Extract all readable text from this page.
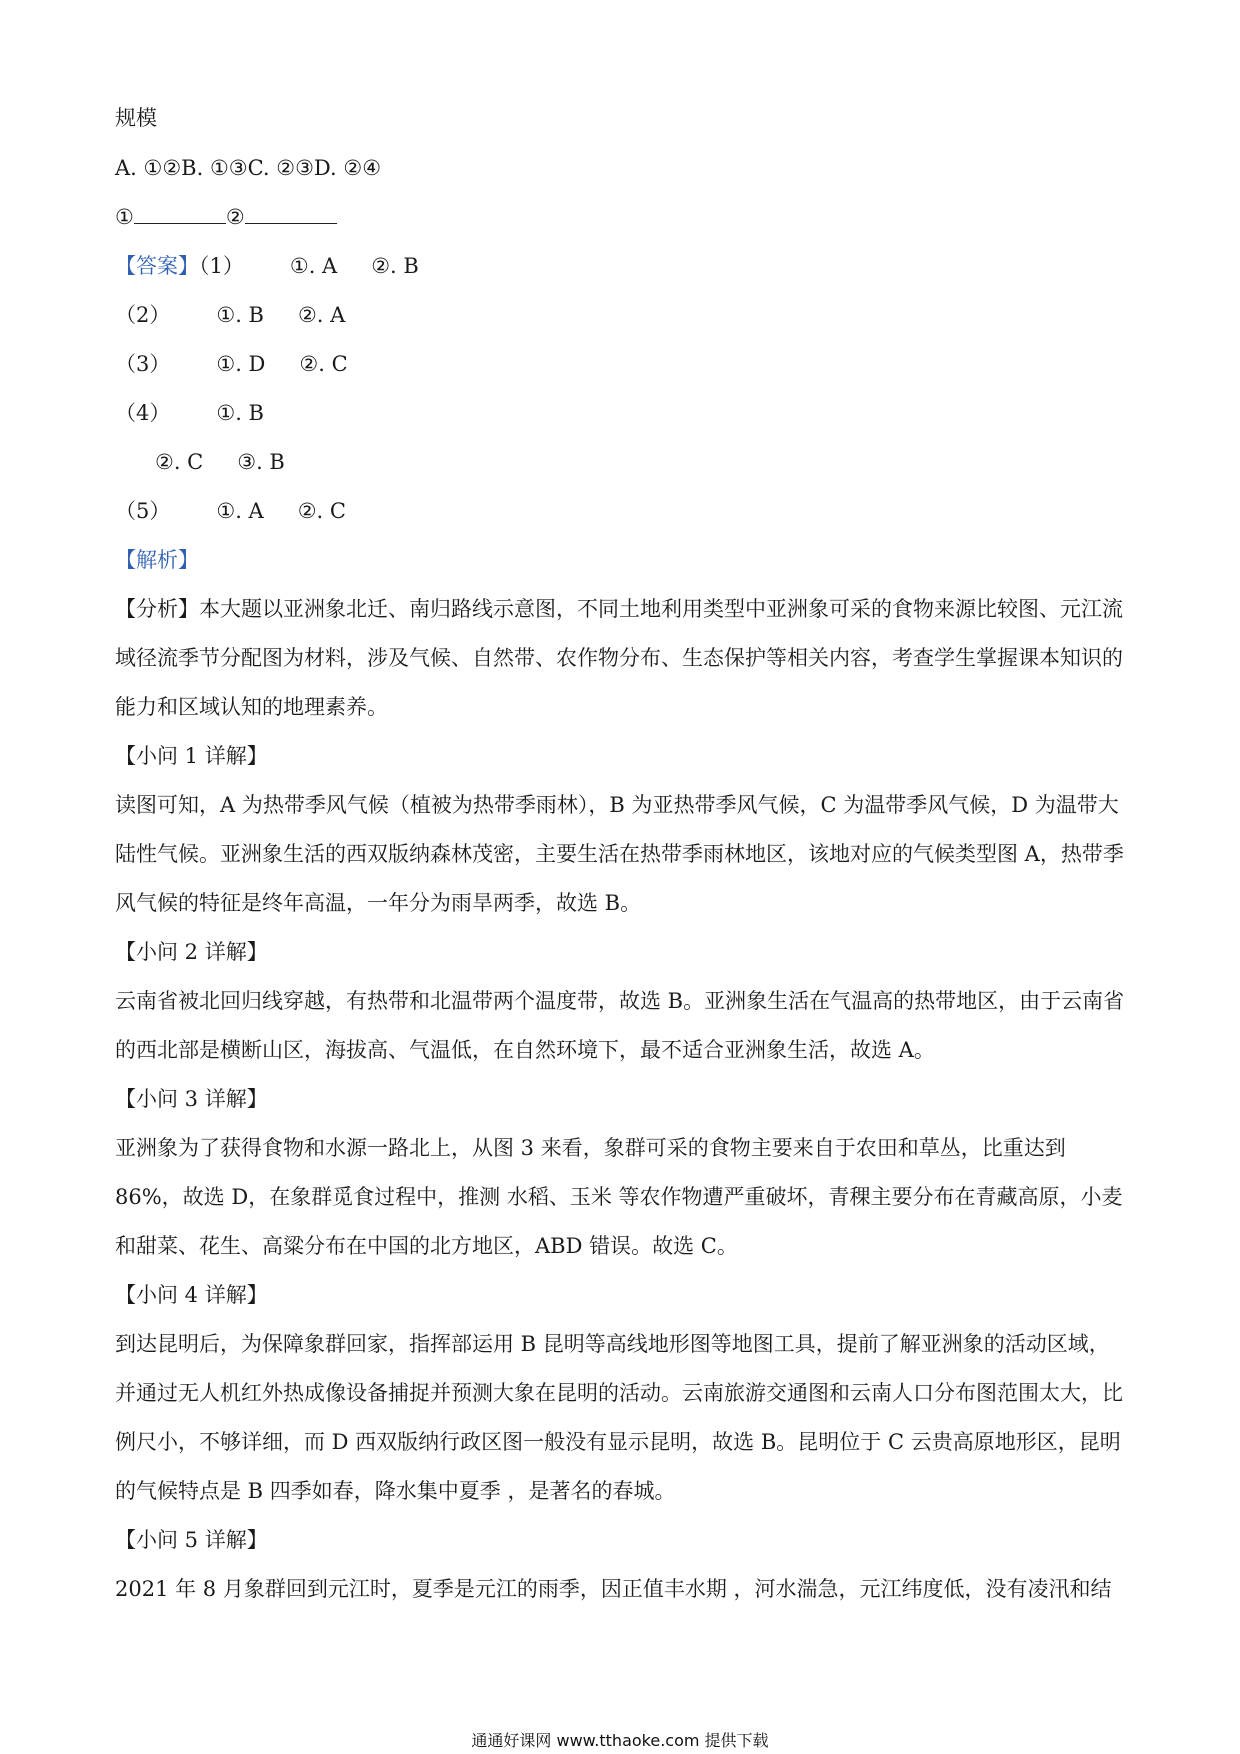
规模
A. ①②B. ①③C. ②③D. ②④
①	②
【答案】（1） ①. A ②. B
（2） ①. B ②. A
（3） ①. D ②. C
（4） ①. B
②. C ③. B
（5） ①. A ②. C
【解析】
【分析】本大题以亚洲象北迁、南归路线示意图，不同土地利用类型中亚洲象可采的食物来源比较图、元江流域径流季节分配图为材料，涉及气候、自然带、农作物分布、生态保护等相关内容，考查学生掌握课本知识的能力和区域认知的地理素养。
【小问 1 详解】
读图可知，A 为热带季风气候（植被为热带季雨林），B 为亚热带季风气候，C 为温带季风气候，D 为温带大陆性气候。亚洲象生活的西双版纳森林茂密，主要生活在热带季雨林地区，该地对应的气候类型图 A，热带季风气候的特征是终年高温，一年分为雨旱两季，故选 B。
【小问 2 详解】
云南省被北回归线穿越，有热带和北温带两个温度带，故选 B。亚洲象生活在气温高的热带地区，由于云南省的西北部是横断山区，海拔高、气温低，在自然环境下，最不适合亚洲象生活，故选 A。
【小问 3 详解】
亚洲象为了获得食物和水源一路北上，从图 3 来看，象群可采的食物主要来自于农田和草丛，比重达到 86%，故选 D，在象群觅食过程中，推测 水稻、玉米 等农作物遭严重破坏，青稞主要分布在青藏高原，小麦和甜菜、花生、高粱分布在中国的北方地区，ABD 错误。故选 C。
【小问 4 详解】
到达昆明后，为保障象群回家，指挥部运用 B 昆明等高线地形图等地图工具，提前了解亚洲象的活动区域，并通过无人机红外热成像设备捕捉并预测大象在昆明的活动。云南旅游交通图和云南人口分布图范围太大，比例尺小，不够详细，而 D 西双版纳行政区图一般没有显示昆明，故选 B。昆明位于 C 云贵高原地形区，昆明的气候特点是 B 四季如春，降水集中夏季 ，是著名的春城。
【小问 5 详解】
2021 年 8 月象群回到元江时，夏季是元江的雨季，因正值丰水期 ，河水湍急，元江纬度低，没有凌汛和结
通通好课网 www.tthaoke.com 提供下载
